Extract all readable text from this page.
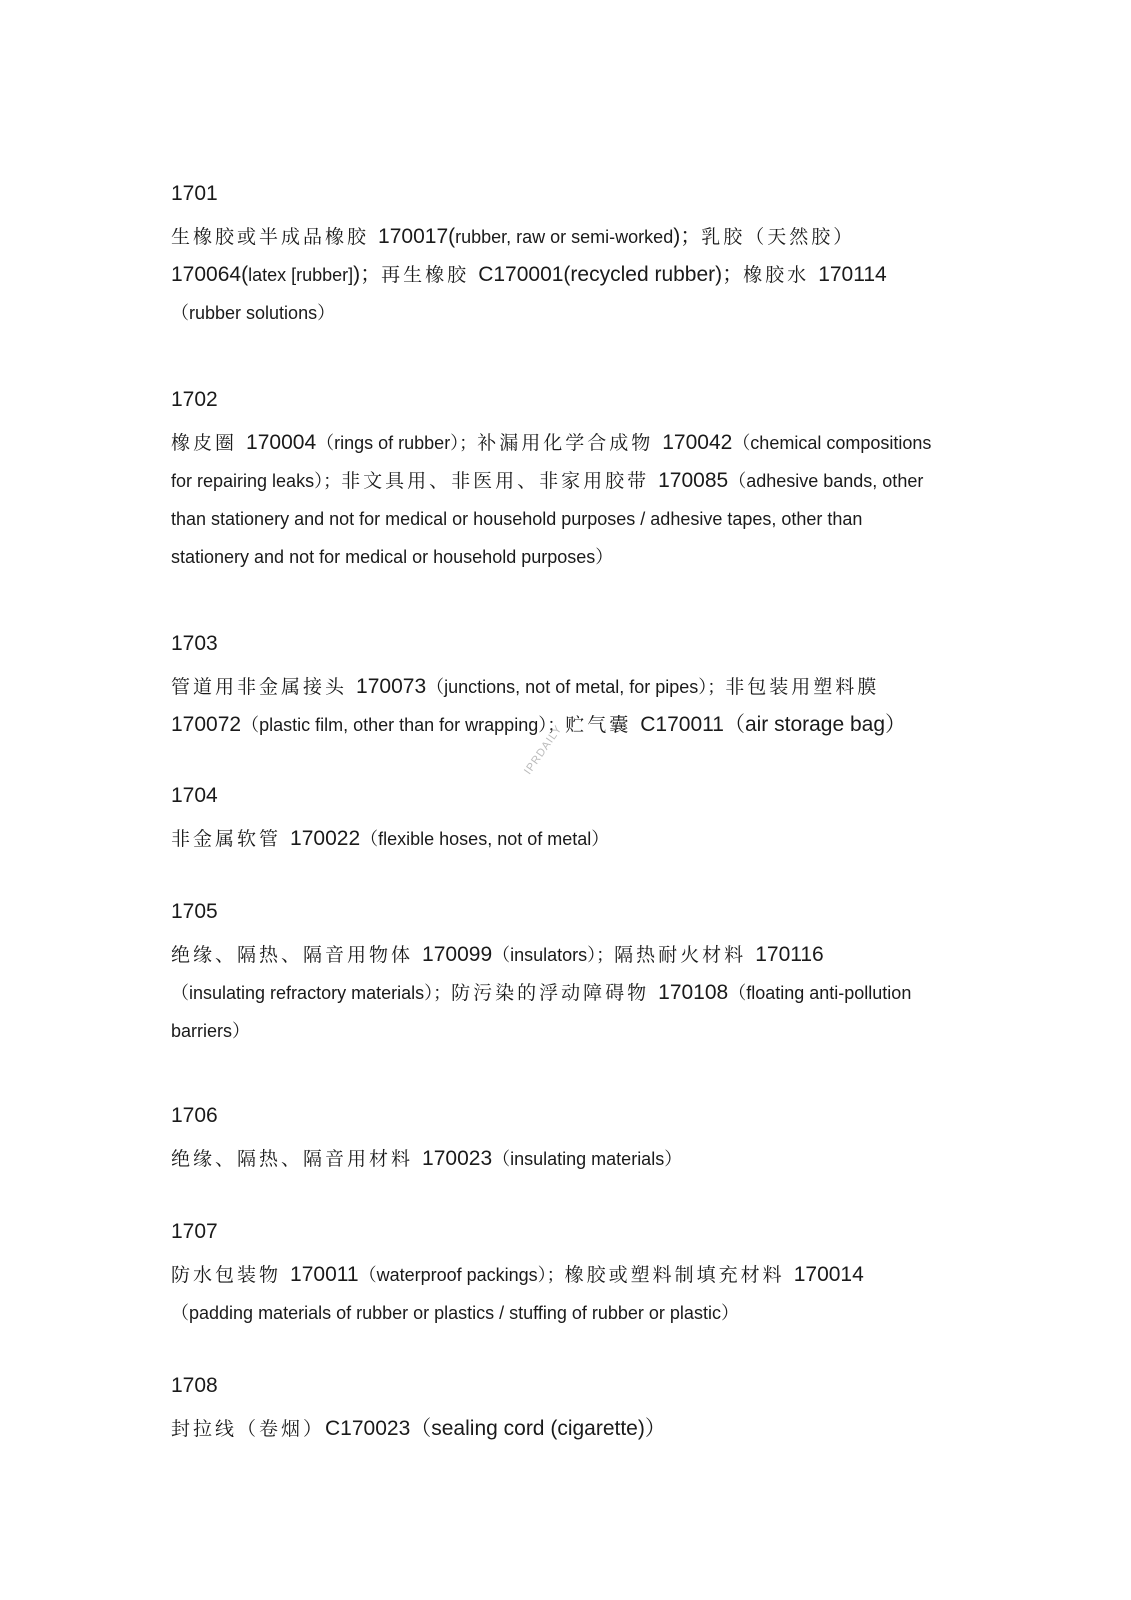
1701
生橡胶或半成品橡胶 170017(rubber, raw or semi-worked)；乳胶（天然胶）
170064(latex [rubber])；再生橡胶 C170001(recycled rubber)；橡胶水 170114
（rubber solutions）
1702
橡皮圈 170004（rings of rubber）；补漏用化学合成物 170042（chemical compositions
for repairing leaks）；非文具用、非医用、非家用胶带 170085（adhesive bands, other
than stationery and not for medical or household purposes / adhesive tapes, other than
stationery and not for medical or household purposes）
1703
管道用非金属接头 170073（junctions, not of metal, for pipes）；非包装用塑料膜
170072（plastic film, other than for wrapping）；贮气囊 C170011（air storage bag）
1704
非金属软管 170022（flexible hoses, not of metal）
1705
绝缘、隔热、隔音用物体 170099（insulators）；隔热耐火材料 170116
（insulating refractory materials）；防污染的浮动障碍物 170108（floating anti-pollution
barriers）
1706
绝缘、隔热、隔音用材料 170023（insulating materials）
1707
防水包装物 170011（waterproof packings）；橡胶或塑料制填充材料 170014
（padding materials of rubber or plastics / stuffing of rubber or plastic）
1708
封拉线（卷烟）C170023（sealing cord (cigarette)）
IPRDAILY
